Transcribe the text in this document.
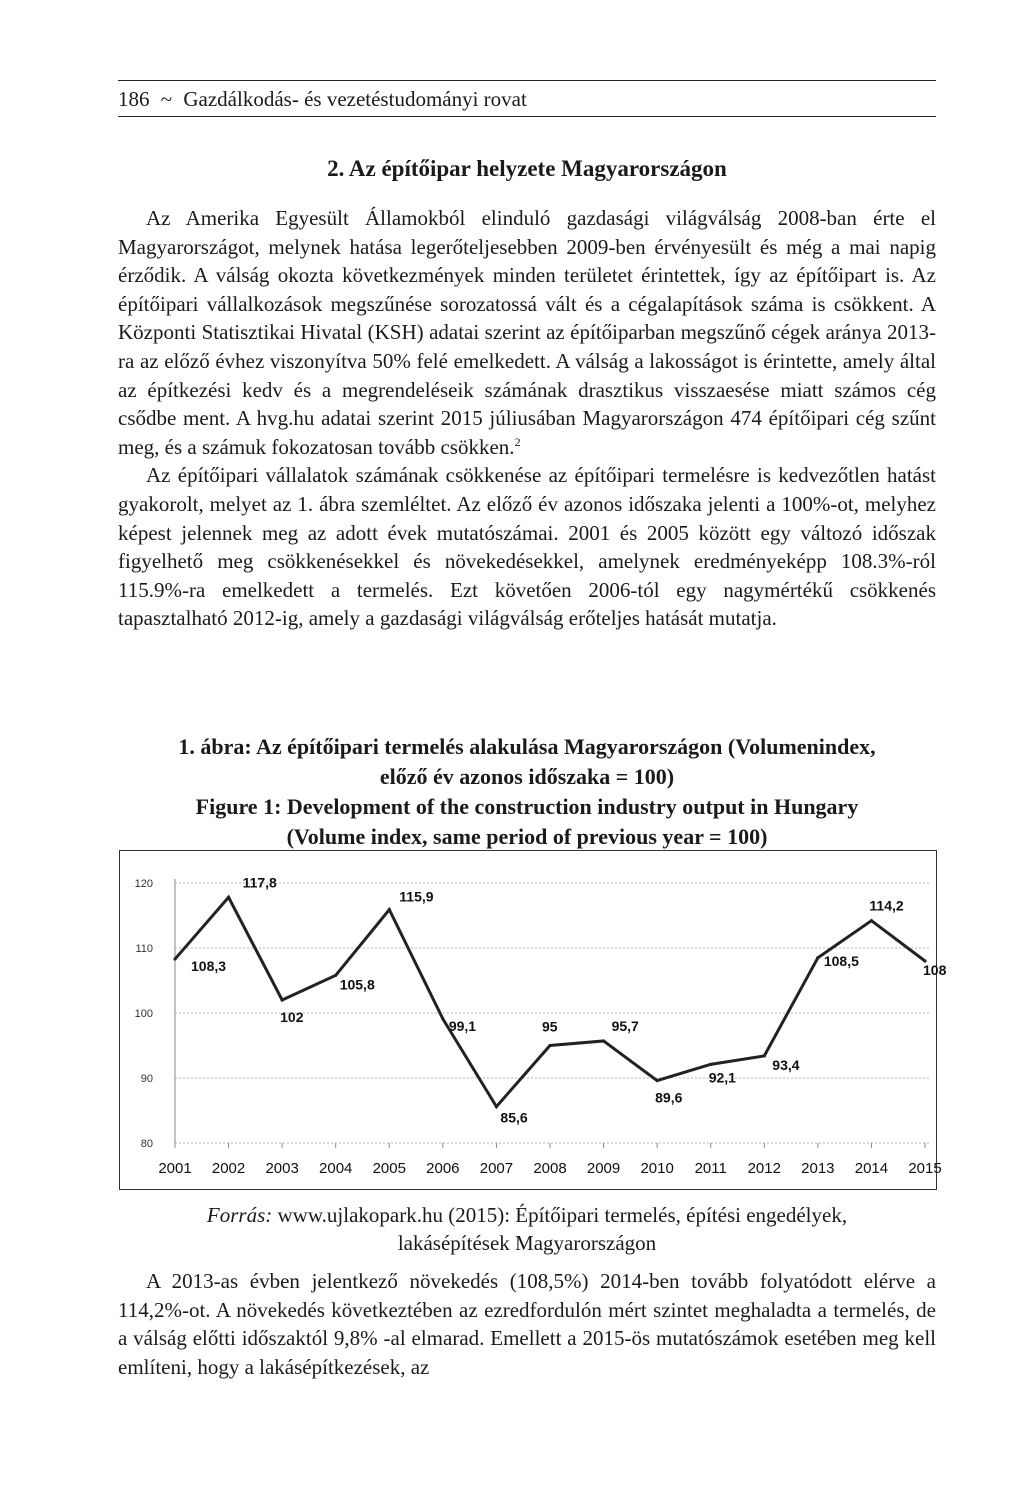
186 ~ Gazdálkodás- és vezetéstudományi rovat
2. Az építőipar helyzete Magyarországon

Az Amerika Egyesült Államokból elinduló gazdasági világválság 2008-ban érte el Magyarországot, melynek hatása legerőteljesebben 2009-ben érvényesült és még a mai napig érződik. A válság okozta következmények minden területet érintettek, így az építőipart is. Az építőipari vállalkozások megszűnése sorozatossá vált és a cégalapítások száma is csökkent. A Központi Statisztikai Hivatal (KSH) adatai szerint az építőiparban megszűnő cégek aránya 2013-ra az előző évhez viszonyítva 50% felé emelkedett. A válság a lakosságot is érintette, amely által az építkezési kedv és a megrendeléseik számának drasztikus visszaesése miatt számos cég csődbe ment. A hvg.hu adatai szerint 2015 júliusában Magyarországon 474 építőipari cég szűnt meg, és a számuk fokozatosan tovább csökken.$^2$

Az építőipari vállalatok számának csökkenése az építőipari termelésre is kedvezőtlen hatást gyakorolt, melyet az 1. ábra szemléltet. Az előző év azonos időszaka jelenti a 100%-ot, melyhez képest jelennek meg az adott évek mutatószámai. 2001 és 2005 között egy változó időszak figyelhető meg csökkenésekkel és növekedésekkel, amelynek eredményeképp 108.3%-ról 115.9%-ra emelkedett a termelés. Ezt követően 2006-tól egy nagymértékű csökkenés tapasztalható 2012-ig, amely a gazdasági világválság erőteljes hatását mutatja.

1. ábra: Az építőipari termelés alakulása Magyarországon (Volumenindex,
előző év azonos időszaka = 100)
Figure 1: Development of the construction industry output in Hungary
(Volume index, same period of previous year = 100)
80
90
100
110
120
2001 2002 2003 2004 2005 2006 2007 2008 2009 2010 2011 2012 2013 2014 2015
108,3
117,8
102
105,8
115,9
99,1
85,6
95	95,7
89,6
92,1
93,4
108,5
114,2
108
Forrás: www.ujlakopark.hu (2015): Építőipari termelés, építési engedélyek,
lakásépítések Magyarországon

A 2013-as évben jelentkező növekedés (108,5%) 2014-ben tovább folyatódott elérve a 114,2%-ot. A növekedés következtében az ezredfordulón mért szintet meghaladta a termelés, de a válság előtti időszaktól 9,8% -al elmarad. Emellett a 2015-ös mutatószámok esetében meg kell említeni, hogy a lakásépítkezések, az
